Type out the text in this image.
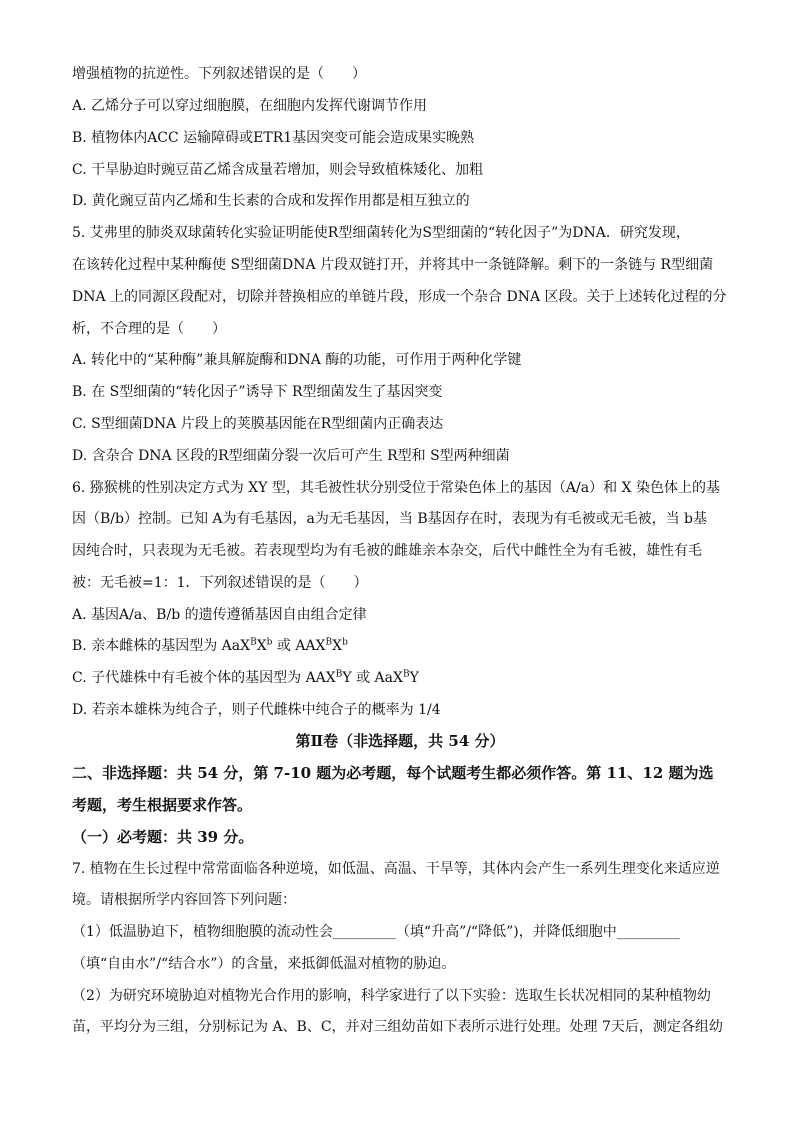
增强植物的抗逆性。下列叙述错误的是（　　）
A. 乙烯分子可以穿过细胞膜，在细胞内发挥代谢调节作用
B. 植物体内ACC 运输障碍或ETR1基因突变可能会造成果实晚熟
C. 干旱胁迫时豌豆苗乙烯含成量若增加，则会导致植株矮化、加粗
D. 黄化豌豆苗内乙烯和生长素的合成和发挥作用都是相互独立的
5. 艾弗里的肺炎双球菌转化实验证明能使R型细菌转化为S型细菌的“转化因子”为DNA．研究发现，
在该转化过程中某种酶使 S型细菌DNA 片段双链打开，并将其中一条链降解。剩下的一条链与 R型细菌
DNA 上的同源区段配对，切除并替换相应的单链片段，形成一个杂合 DNA 区段。关于上述转化过程的分
析，不合理的是（　　）
A. 转化中的“某种酶”兼具解旋酶和DNA 酶的功能，可作用于两种化学键
B. 在 S型细菌的“转化因子”诱导下 R型细菌发生了基因突变
C. S型细菌DNA 片段上的荚膜基因能在R型细菌内正确表达
D. 含杂合 DNA 区段的R型细菌分裂一次后可产生 R型和 S型两种细菌
6. 猕猴桃的性别决定方式为 XY 型，其毛被性状分别受位于常染色体上的基因（A/a）和 X 染色体上的基
因（B/b）控制。已知 A为有毛基因，a为无毛基因，当 B基因存在时，表现为有毛被或无毛被，当 b基
因纯合时，只表现为无毛被。若表现型均为有毛被的雌雄亲本杂交，后代中雌性全为有毛被，雄性有毛
被：无毛被=1：1．下列叙述错误的是（　　）
A. 基因A/a、B/b 的遗传遵循基因自由组合定律
B. 亲本雌株的基因型为 $AaX^BX^b$ 或 $AAX^BX^b$
C. 子代雄株中有毛被个体的基因型为 $AAX^BY$ 或 AaX$^B$Y
D. 若亲本雄株为纯合子，则子代雌株中纯合子的概率为 1/4
第Ⅱ卷（非选择题，共 54 分）
二、非选择题：共 54 分，第 7-10 题为必考题，每个试题考生都必须作答。第 11、12 题为选
考题，考生根据要求作答。
（一）必考题：共 39 分。
7. 植物在生长过程中常常面临各种逆境，如低温、高温、干旱等，其体内会产生一系列生理变化来适应逆
境。请根据所学内容回答下列问题：
（1）低温胁迫下，植物细胞膜的流动性会_________（填“升高”/“降低”)，并降低细胞中_________
（填“自由水”/“结合水”）的含量，来抵御低温对植物的胁迫。
（2）为研究环境胁迫对植物光合作用的影响，科学家进行了以下实验：选取生长状况相同的某种植物幼
苗，平均分为三组，分别标记为 A、B、C，并对三组幼苗如下表所示进行处理。处理 7天后，测定各组幼
